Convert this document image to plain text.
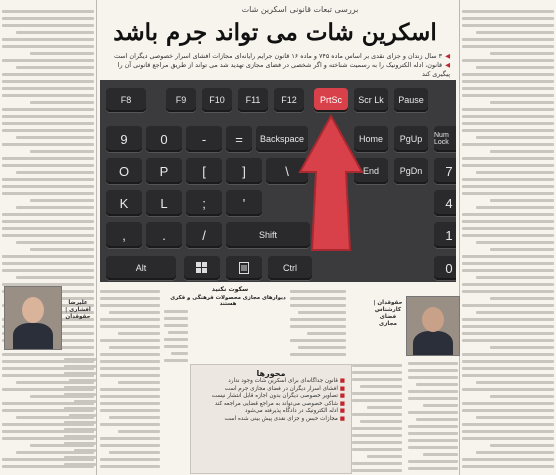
بررسی تبعات قانونی اسکرین شات
اسکرین شات می تواند جرم باشد
◀۳ سال زندان و جزای نقدی بر اساس ماده ۷۴۵ و ماده ۱۶ قانون جرایم رایانه‌ای مجازات افشای اسرار خصوصی دیگران است
◀قانون، ادله الکترونیک را به رسمیت شناخته و اگر شخصی در فضای مجازی تهدید شد می تواند از طریق مراجع قانونی آن را پیگیری کند
F8	F9	F10	F11	F12	PrtSc	Scr Lk	Pause
9	0	-	=	Backspace	Home	PgUp	Num Lock
O	P	[	]	\	End	PgDn	7
K	L	;	'	4
,	.	/	Shift	1
Alt	Ctrl	0
علیرضا افشاری | حقوقدان
حقوقدان | کارشناس فضای مجازی
سکوت نکنید
دیوارهای مجازی محصولات فرهنگی و فکری هستند
محورها
■ قانون جداگانه‌ای برای اسکرین شات وجود ندارد
■ افشای اسرار دیگران در فضای مجازی جرم است
■ تصاویر خصوصی دیگران بدون اجازه قابل انتشار نیست
■ شاکی خصوصی می‌تواند به مراجع قضایی مراجعه کند
■ ادله الکترونیک در دادگاه پذیرفته می‌شود
■ مجازات حبس و جزای نقدی پیش بینی شده است
